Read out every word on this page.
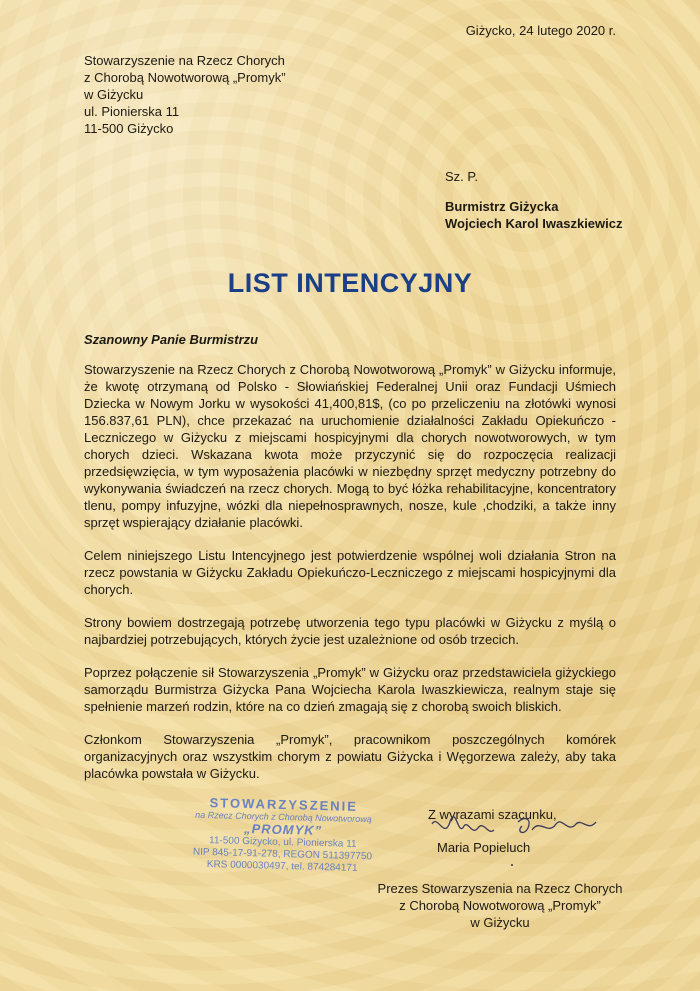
Giżycko, 24 lutego 2020 r.
Stowarzyszenie na Rzecz Chorych
z Chorobą Nowotworową „Promyk”
w Giżycku
ul. Pionierska 11
11-500 Giżycko
Sz. P.
Burmistrz Giżycka
Wojciech Karol Iwaszkiewicz
LIST INTENCYJNY
Szanowny Panie Burmistrzu

Stowarzyszenie na Rzecz Chorych z Chorobą Nowotworową „Promyk” w Giżycku informuje, że kwotę otrzymaną od Polsko - Słowiańskiej Federalnej Unii oraz Fundacji Uśmiech Dziecka w Nowym Jorku w wysokości 41,400,81$, (co po przeliczeniu na złotówki wynosi 156.837,61 PLN), chce przekazać na uruchomienie działalności Zakładu Opiekuńczo - Leczniczego w Giżycku z miejscami hospicyjnymi dla chorych nowotworowych, w tym chorych dzieci. Wskazana kwota może przyczynić się do rozpoczęcia realizacji przedsięwzięcia, w tym wyposażenia placówki w niezbędny sprzęt medyczny potrzebny do wykonywania świadczeń na rzecz chorych. Mogą to być łóżka rehabilitacyjne, koncentratory tlenu, pompy infuzyjne, wózki dla niepełnosprawnych, nosze, kule ,chodziki, a także inny sprzęt wspierający działanie placówki.

Celem niniejszego Listu Intencyjnego jest potwierdzenie wspólnej woli działania Stron na rzecz powstania w Giżycku Zakładu Opiekuńczo-Leczniczego z miejscami hospicyjnymi dla chorych.

Strony bowiem dostrzegają potrzebę utworzenia tego typu placówki w Giżycku z myślą o najbardziej potrzebujących, których życie jest uzależnione od osób trzecich.

Poprzez połączenie sił Stowarzyszenia „Promyk” w Giżycku oraz przedstawiciela giżyckiego samorządu Burmistrza Giżycka Pana Wojciecha Karola Iwaszkiewicza, realnym staje się spełnienie marzeń rodzin, które na co dzień zmagają się z chorobą swoich bliskich.

Członkom Stowarzyszenia „Promyk”, pracownikom poszczególnych komórek organizacyjnych oraz wszystkim chorym z powiatu Giżycka i Węgorzewa zależy, aby taka placówka powstała w Giżycku.

STOWARZYSZENIE
na Rzecz Chorych z Chorobą Nowotworową
„PROMYK”
11-500 Giżycko, ul. Pionierska 11
NIP 845-17-91-278, REGON 511397750
KRS 0000030497, tel. 874284171
Z wyrazami szacunku,
Maria Popieluch
Prezes Stowarzyszenia na Rzecz Chorych
z Chorobą Nowotworową „Promyk”
w Giżycku
